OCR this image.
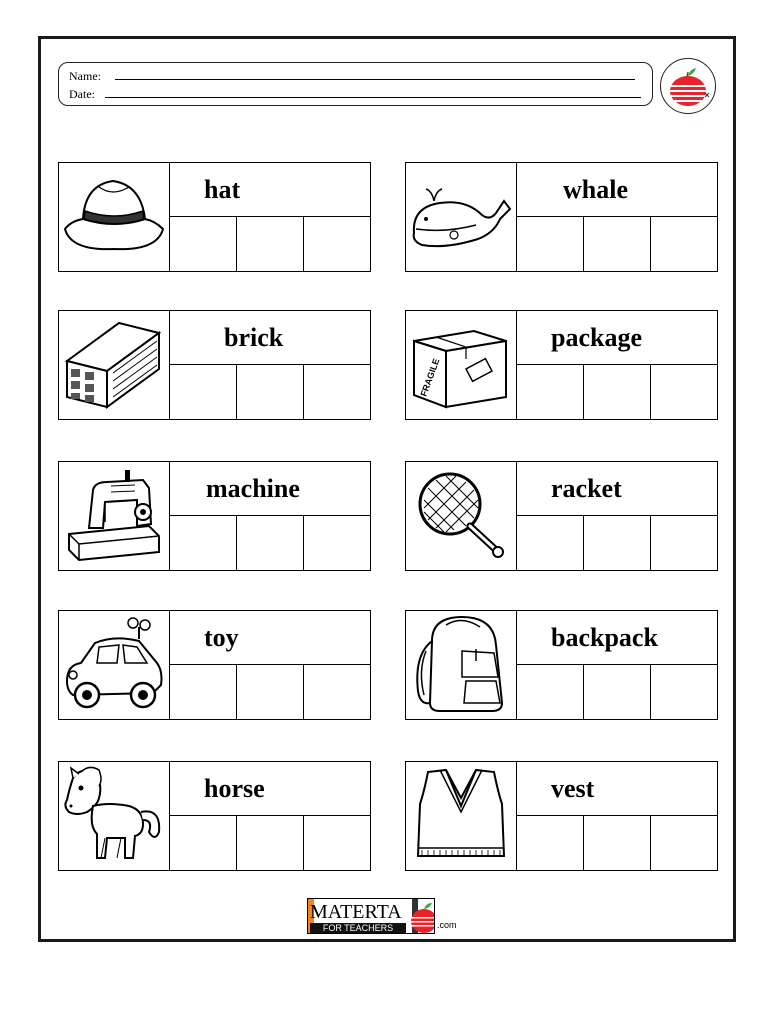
Name:
Date:
hat	whale
brick
FRAGILE
package
machine	racket
toy	backpack
horse	vest
MATERTA
FOR TEACHERS	.com
